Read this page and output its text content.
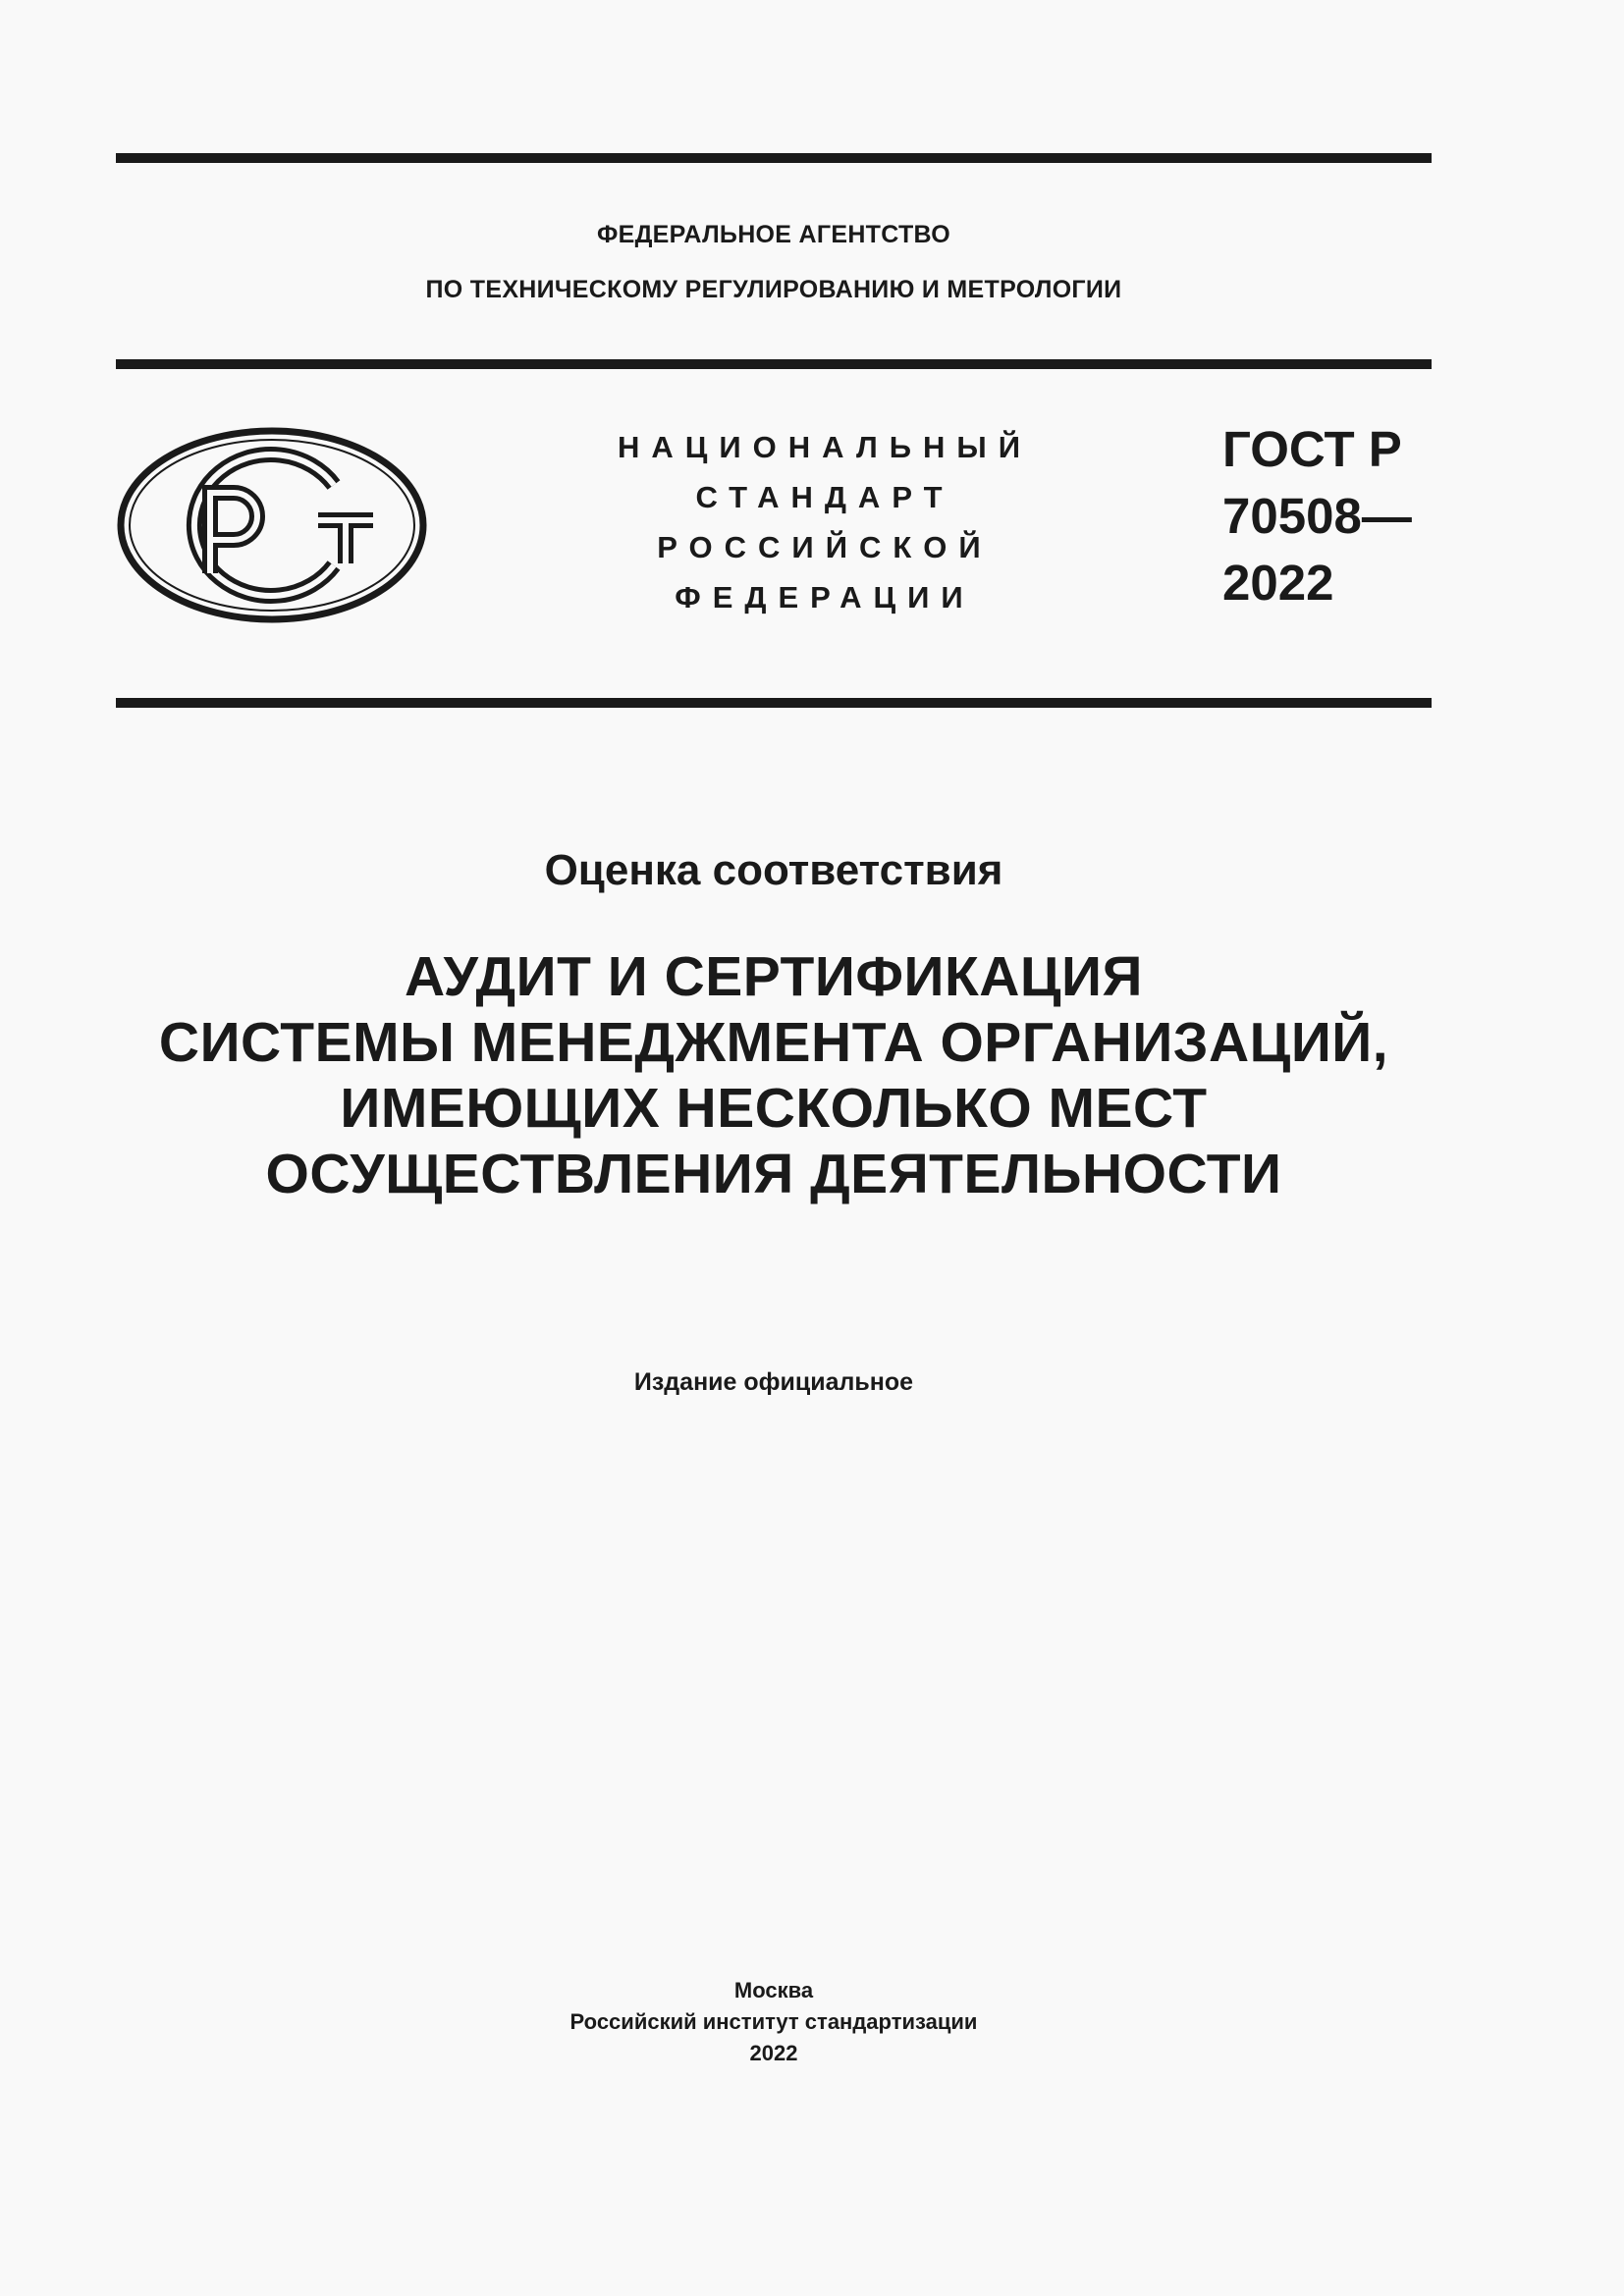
ФЕДЕРАЛЬНОЕ АГЕНТСТВО
ПО ТЕХНИЧЕСКОМУ РЕГУЛИРОВАНИЮ И МЕТРОЛОГИИ
НАЦИОНАЛЬНЫЙ
СТАНДАРТ
РОССИЙСКОЙ
ФЕДЕРАЦИИ
ГОСТ Р
70508—
2022
Оценка соответствия
АУДИТ И СЕРТИФИКАЦИЯ
СИСТЕМЫ МЕНЕДЖМЕНТА ОРГАНИЗАЦИЙ,
ИМЕЮЩИХ НЕСКОЛЬКО МЕСТ
ОСУЩЕСТВЛЕНИЯ ДЕЯТЕЛЬНОСТИ
Издание официальное
Москва
Российский институт стандартизации
2022
